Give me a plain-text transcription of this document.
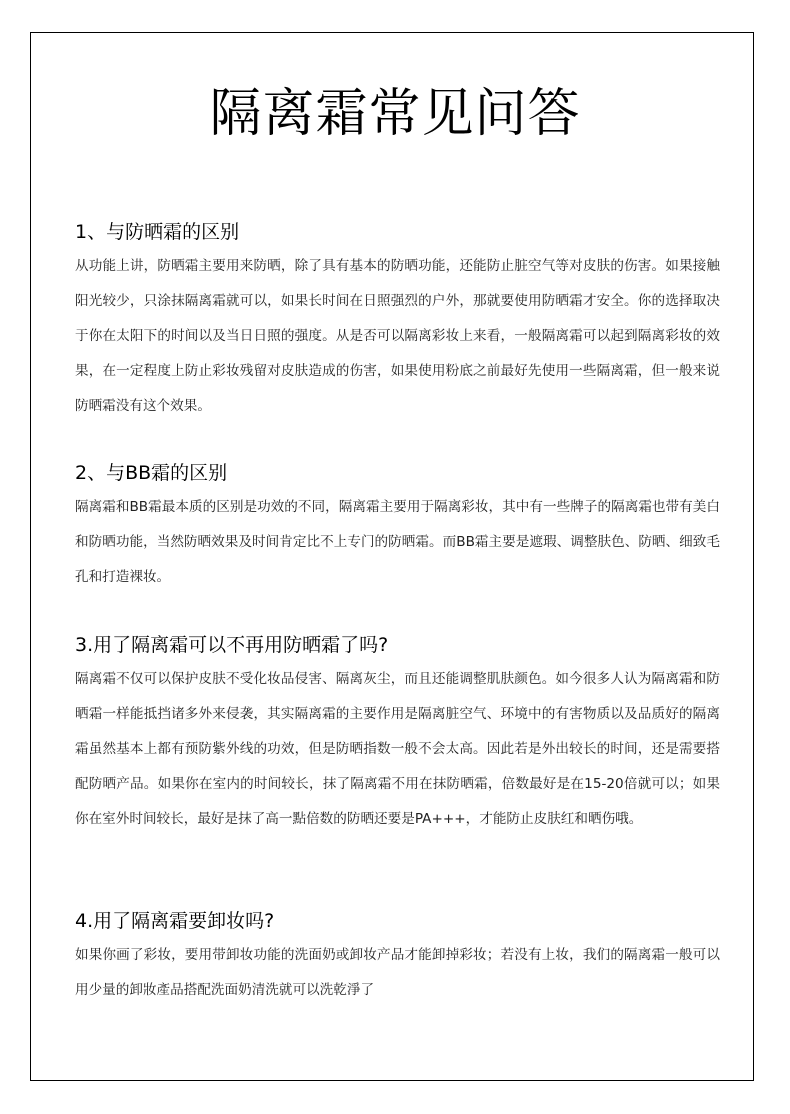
隔离霜常见问答
1、与防晒霜的区别

从功能上讲，防晒霜主要用来防晒，除了具有基本的防晒功能，还能防止脏空气等对皮肤的伤害。如果接触阳光较少，只涂抹隔离霜就可以，如果长时间在日照强烈的户外，那就要使用防晒霜才安全。你的选择取决于你在太阳下的时间以及当日日照的强度。从是否可以隔离彩妆上来看，一般隔离霜可以起到隔离彩妆的效果，在一定程度上防止彩妆残留对皮肤造成的伤害，如果使用粉底之前最好先使用一些隔离霜，但一般来说防晒霜没有这个效果。

2、与BB霜的区别

隔离霜和BB霜最本质的区别是功效的不同，隔离霜主要用于隔离彩妆，其中有一些牌子的隔离霜也带有美白和防晒功能，当然防晒效果及时间肯定比不上专门的防晒霜。而BB霜主要是遮瑕、调整肤色、防晒、细致毛孔和打造裸妆。

3.用了隔离霜可以不再用防晒霜了吗?

隔离霜不仅可以保护皮肤不受化妆品侵害、隔离灰尘，而且还能调整肌肤颜色。如今很多人认为隔离霜和防晒霜一样能抵挡诸多外来侵袭，其实隔离霜的主要作用是隔离脏空气、环境中的有害物质以及品质好的隔离霜虽然基本上都有预防紫外线的功效，但是防晒指数一般不会太高。因此若是外出较长的时间，还是需要搭配防晒产品。如果你在室内的时间较长，抹了隔离霜不用在抹防晒霜，倍数最好是在15-20倍就可以；如果你在室外时间较长，最好是抹了高一點倍数的防晒还要是PA+++，才能防止皮肤红和晒伤哦。

4.用了隔离霜要卸妆吗?

如果你画了彩妆，要用带卸妆功能的洗面奶或卸妆产品才能卸掉彩妆；若没有上妆，我们的隔离霜一般可以用少量的卸妝產品搭配洗面奶清洗就可以洗乾淨了
